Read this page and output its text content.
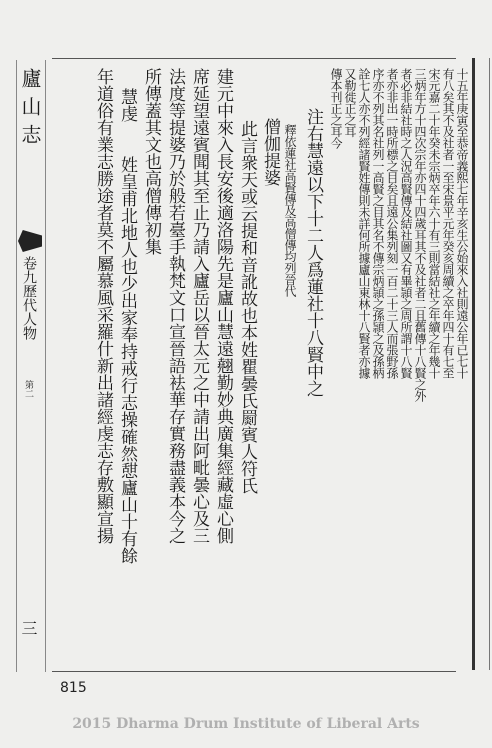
廬山志
卷九歷代人物
第二
三
十五年庚寅至恭帝義熙七年辛亥生公始來入社則遠公年已七十
有八矣其不及社者一至宋景平元年癸亥周續之卒年四十有七至
宋元嘉二十年癸未宗炳卒年六十有三則當結社之年續之年幾十
三炳年方十四次宗年亦四十四歲耳其不及社者二且舊傳十八賢之外
者必非結社時之人況高賢傳及結社圖又有畢頴之周所謂十八賢
者亦非出一時所標之目矣且遠公集列刻一百二十三人而張野孫
序亦不列其名社列一高賢之目其名不傳宗炳頴之孫頴之及孫柄
詮七人亦不列經諸賢姓傳則未詳何所據廬山東林十八賢者亦據
又勒徙正之耳
傳本刊正之耳今
注右慧遠以下十二人爲蓮社十八賢中之
釋依蓮社高賢傳及高僧傳均列晉代
僧伽提婆
此言衆天或云提和音訛故也本姓瞿曇氏罽賓人符氏
建元中來入長安後適洛陽先是廬山慧遠翹勤妙典廣集經藏虛心側
席延望遠賓聞其至止乃請入廬岳以晉太元之中請出阿毗曇心及三
法度等提婆乃於般若臺手執梵文口宣晉語袪華存實務盡義本今之
所傳蓋其文也高僧傳初集
慧虔
姓皇甫北地人也少出家奉持戒行志操確然憇廬山十有餘
年道俗有業志勝途者莫不屬慕風采羅什新出諸經虔志存敷顯宣揚
815
2015 Dharma Drum Institute of Liberal Arts
